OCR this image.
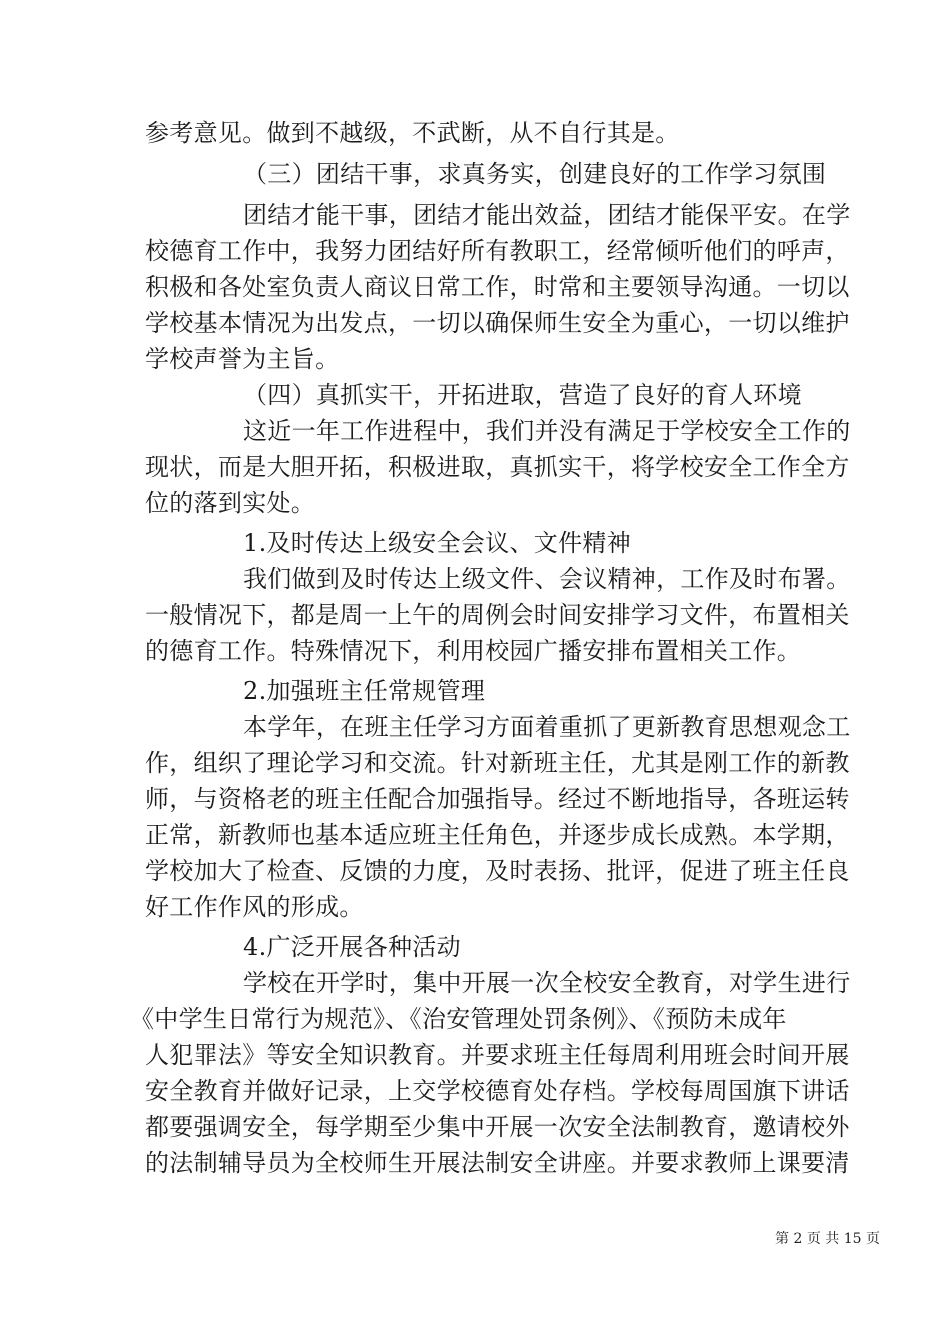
参考意见。做到不越级，不武断，从不自行其是。
（三）团结干事，求真务实，创建良好的工作学习氛围
团结才能干事，团结才能出效益，团结才能保平安。在学
校德育工作中，我努力团结好所有教职工，经常倾听他们的呼声，
积极和各处室负责人商议日常工作，时常和主要领导沟通。一切以
学校基本情况为出发点，一切以确保师生安全为重心，一切以维护
学校声誉为主旨。
（四）真抓实干，开拓进取，营造了良好的育人环境
这近一年工作进程中，我们并没有满足于学校安全工作的
现状，而是大胆开拓，积极进取，真抓实干，将学校安全工作全方
位的落到实处。
1.及时传达上级安全会议、文件精神
我们做到及时传达上级文件、会议精神，工作及时布署。
一般情况下，都是周一上午的周例会时间安排学习文件，布置相关
的德育工作。特殊情况下，利用校园广播安排布置相关工作。
2.加强班主任常规管理
本学年，在班主任学习方面着重抓了更新教育思想观念工
作，组织了理论学习和交流。针对新班主任，尤其是刚工作的新教
师，与资格老的班主任配合加强指导。经过不断地指导，各班运转
正常，新教师也基本适应班主任角色，并逐步成长成熟。本学期，
学校加大了检查、反馈的力度，及时表扬、批评，促进了班主任良
好工作作风的形成。
4.广泛开展各种活动
学校在开学时，集中开展一次全校安全教育，对学生进行
《中学生日常行为规范》、《治安管理处罚条例》、《预防未成年
人犯罪法》等安全知识教育。并要求班主任每周利用班会时间开展
安全教育并做好记录，上交学校德育处存档。学校每周国旗下讲话
都要强调安全，每学期至少集中开展一次安全法制教育，邀请校外
的法制辅导员为全校师生开展法制安全讲座。并要求教师上课要清
第 2 页 共 15 页
